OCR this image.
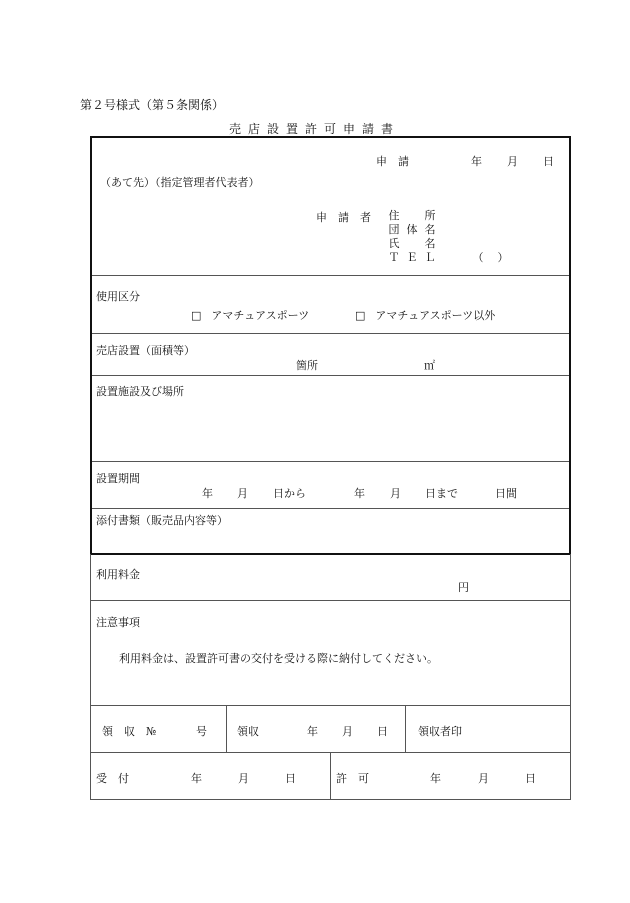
第２号様式（第５条関係）
売店設置許可申請書
申　請	年 月 日
（あて先）（指定管理者代表者）
申　請　者	住	所
団 体 名
氏	名
Ｔ Ｅ Ｌ	（	）
使用区分
□ アマチュアスポーツ	□ アマチュアスポーツ以外
売店設置（面積等）
箇所	㎡
設置施設及び場所
設置期間
年 月 日から	年 月 日まで	日間
添付書類（販売品内容等）
利用料金
円
注意事項
利用料金は、設置許可書の交付を受ける際に納付してください。
領　収　№	号	領収	年 月 日	領収者印
受　付	年	月	日	許　可	年	月	日
